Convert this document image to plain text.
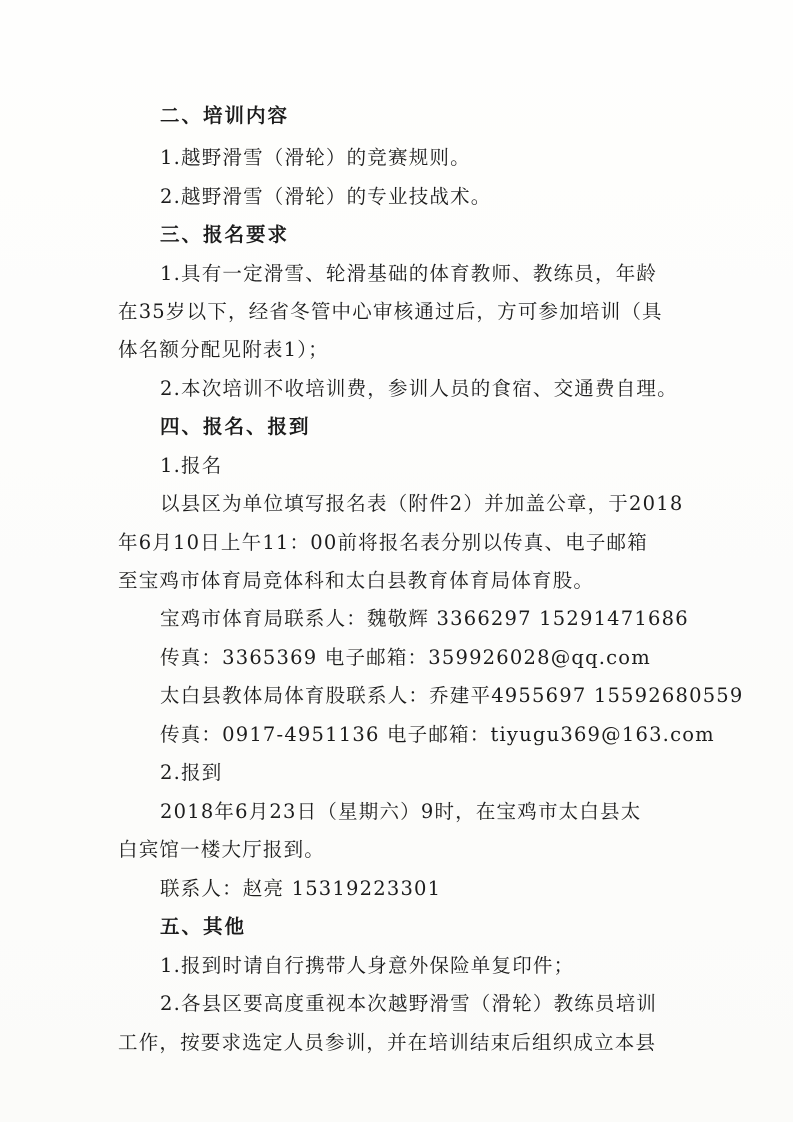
二、培训内容
1.越野滑雪（滑轮）的竞赛规则。
2.越野滑雪（滑轮）的专业技战术。
三、报名要求
1.具有一定滑雪、轮滑基础的体育教师、教练员，年龄
在35岁以下，经省冬管中心审核通过后，方可参加培训（具
体名额分配见附表1）；
2.本次培训不收培训费，参训人员的食宿、交通费自理。
四、报名、报到
1.报名
以县区为单位填写报名表（附件2）并加盖公章，于2018
年6月10日上午11：00前将报名表分别以传真、电子邮箱
至宝鸡市体育局竞体科和太白县教育体育局体育股。
宝鸡市体育局联系人：魏敬辉 3366297 15291471686
传真：3365369 电子邮箱：359926028@qq.com
太白县教体局体育股联系人：乔建平4955697 15592680559
传真：0917-4951136 电子邮箱：tiyugu369@163.com
2.报到
2018年6月23日（星期六）9时，在宝鸡市太白县太
白宾馆一楼大厅报到。
联系人：赵亮 15319223301
五、其他
1.报到时请自行携带人身意外保险单复印件；
2.各县区要高度重视本次越野滑雪（滑轮）教练员培训
工作，按要求选定人员参训，并在培训结束后组织成立本县
